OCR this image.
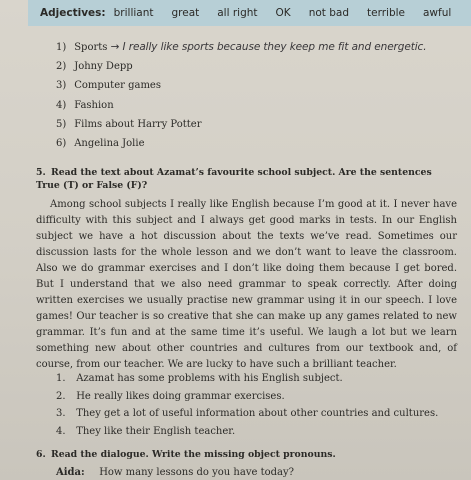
Adjectives: brilliant great all right OK not bad terrible awful
1) Sports → I really like sports because they keep me fit and energetic.
2) Johny Depp
3) Computer games
4) Fashion
5) Films about Harry Potter
6) Angelina Jolie
5. Read the text about Azamat’s favourite school subject. Are the sentences True (T) or False (F)?

Among school subjects I really like English because I’m good at it. I never have difficulty with this subject and I always get good marks in tests. In our English subject we have a hot discussion about the texts we’ve read. Sometimes our discussion lasts for the whole lesson and we don’t want to leave the classroom. Also we do grammar exercises and I don’t like doing them because I get bored. But I understand that we also need grammar to speak correctly. After doing written exercises we usually practise new grammar using it in our speech. I love games! Our teacher is so creative that she can make up any games related to new grammar. It’s fun and at the same time it’s useful. We laugh a lot but we learn something new about other countries and cultures from our textbook and, of course, from our teacher. We are lucky to have such a brilliant teacher.

1. Azamat has some problems with his English subject.
2. He really likes doing grammar exercises.
3. They get a lot of useful information about other countries and cultures.
4. They like their English teacher.
6. Read the dialogue. Write the missing object pronouns.
Aida: How many lessons do you have today?
